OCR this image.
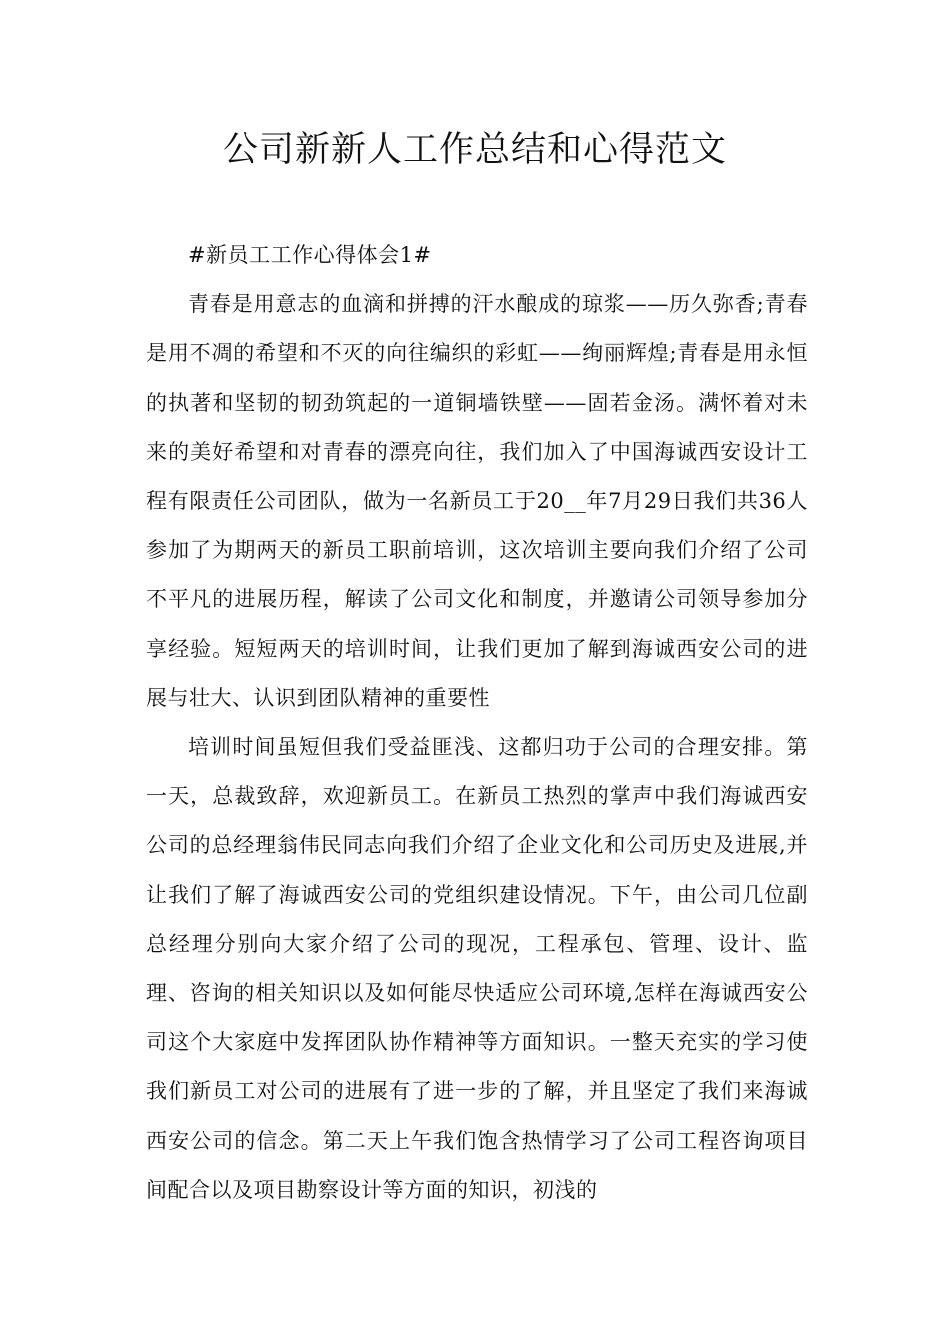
公司新新人工作总结和心得范文

#新员工工作心得体会1#

青春是用意志的血滴和拼搏的汗水酿成的琼浆——历久弥香;青春是用不凋的希望和不灭的向往编织的彩虹——绚丽辉煌;青春是用永恒的执著和坚韧的韧劲筑起的一道铜墙铁壁——固若金汤。满怀着对未来的美好希望和对青春的漂亮向往，我们加入了中国海诚西安设计工程有限责任公司团队，做为一名新员工于20__年7月29日我们共36人参加了为期两天的新员工职前培训，这次培训主要向我们介绍了公司不平凡的进展历程，解读了公司文化和制度，并邀请公司领导参加分享经验。短短两天的培训时间，让我们更加了解到海诚西安公司的进展与壮大、认识到团队精神的重要性

培训时间虽短但我们受益匪浅、这都归功于公司的合理安排。第一天，总裁致辞，欢迎新员工。在新员工热烈的掌声中我们海诚西安公司的总经理翁伟民同志向我们介绍了企业文化和公司历史及进展,并让我们了解了海诚西安公司的党组织建设情况。下午，由公司几位副总经理分别向大家介绍了公司的现况，工程承包、管理、设计、监理、咨询的相关知识以及如何能尽快适应公司环境,怎样在海诚西安公司这个大家庭中发挥团队协作精神等方面知识。一整天充实的学习使我们新员工对公司的进展有了进一步的了解，并且坚定了我们来海诚西安公司的信念。第二天上午我们饱含热情学习了公司工程咨询项目间配合以及项目勘察设计等方面的知识，初浅的
